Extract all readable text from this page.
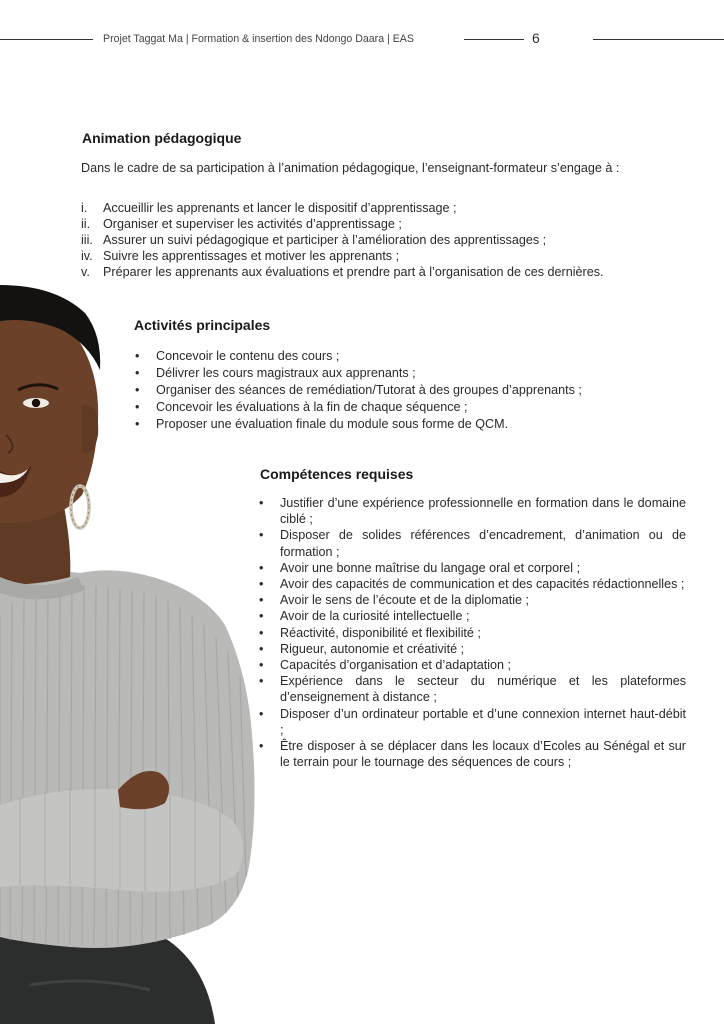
Projet Taggat Ma | Formation & insertion des Ndongo Daara | EAS	6
Animation pédagogique
Dans le cadre de sa participation à l’animation pédagogique, l’enseignant-formateur s’engage à :
i. Accueillir les apprenants et lancer le dispositif d’apprentissage ;
ii. Organiser et superviser les activités d’apprentissage ;
iii. Assurer un suivi pédagogique et participer à l’amélioration des apprentissages ;
iv. Suivre les apprentissages et motiver les apprenants ;
v. Préparer les apprenants aux évaluations et prendre part à l’organisation de ces dernières.
Activités principales
• Concevoir le contenu des cours ;
• Délivrer les cours magistraux aux apprenants ;
• Organiser des séances de remédiation/Tutorat à des groupes d’apprenants ;
• Concevoir les évaluations à la fin de chaque séquence ;
• Proposer une évaluation finale du module sous forme de QCM.
Compétences requises
• Justifier d’une expérience professionnelle en formation dans le domaine ciblé ;
• Disposer de solides références d’encadrement, d’animation ou de formation ;
• Avoir une bonne maîtrise du langage oral et corporel ;
• Avoir des capacités de communication et des capacités rédactionnelles ;
• Avoir le sens de l’écoute et de la diplomatie ;
• Avoir de la curiosité intellectuelle ;
• Réactivité, disponibilité et flexibilité ;
• Rigueur, autonomie et créativité ;
• Capacités d’organisation et d’adaptation ;
• Expérience dans le secteur du numérique et les plateformes d’enseignement à distance ;
• Disposer d’un ordinateur portable et d’une connexion internet haut-débit ;
• Être disposer à se déplacer dans les locaux d’Ecoles au Sénégal et sur le terrain pour le tournage des séquences de cours ;
